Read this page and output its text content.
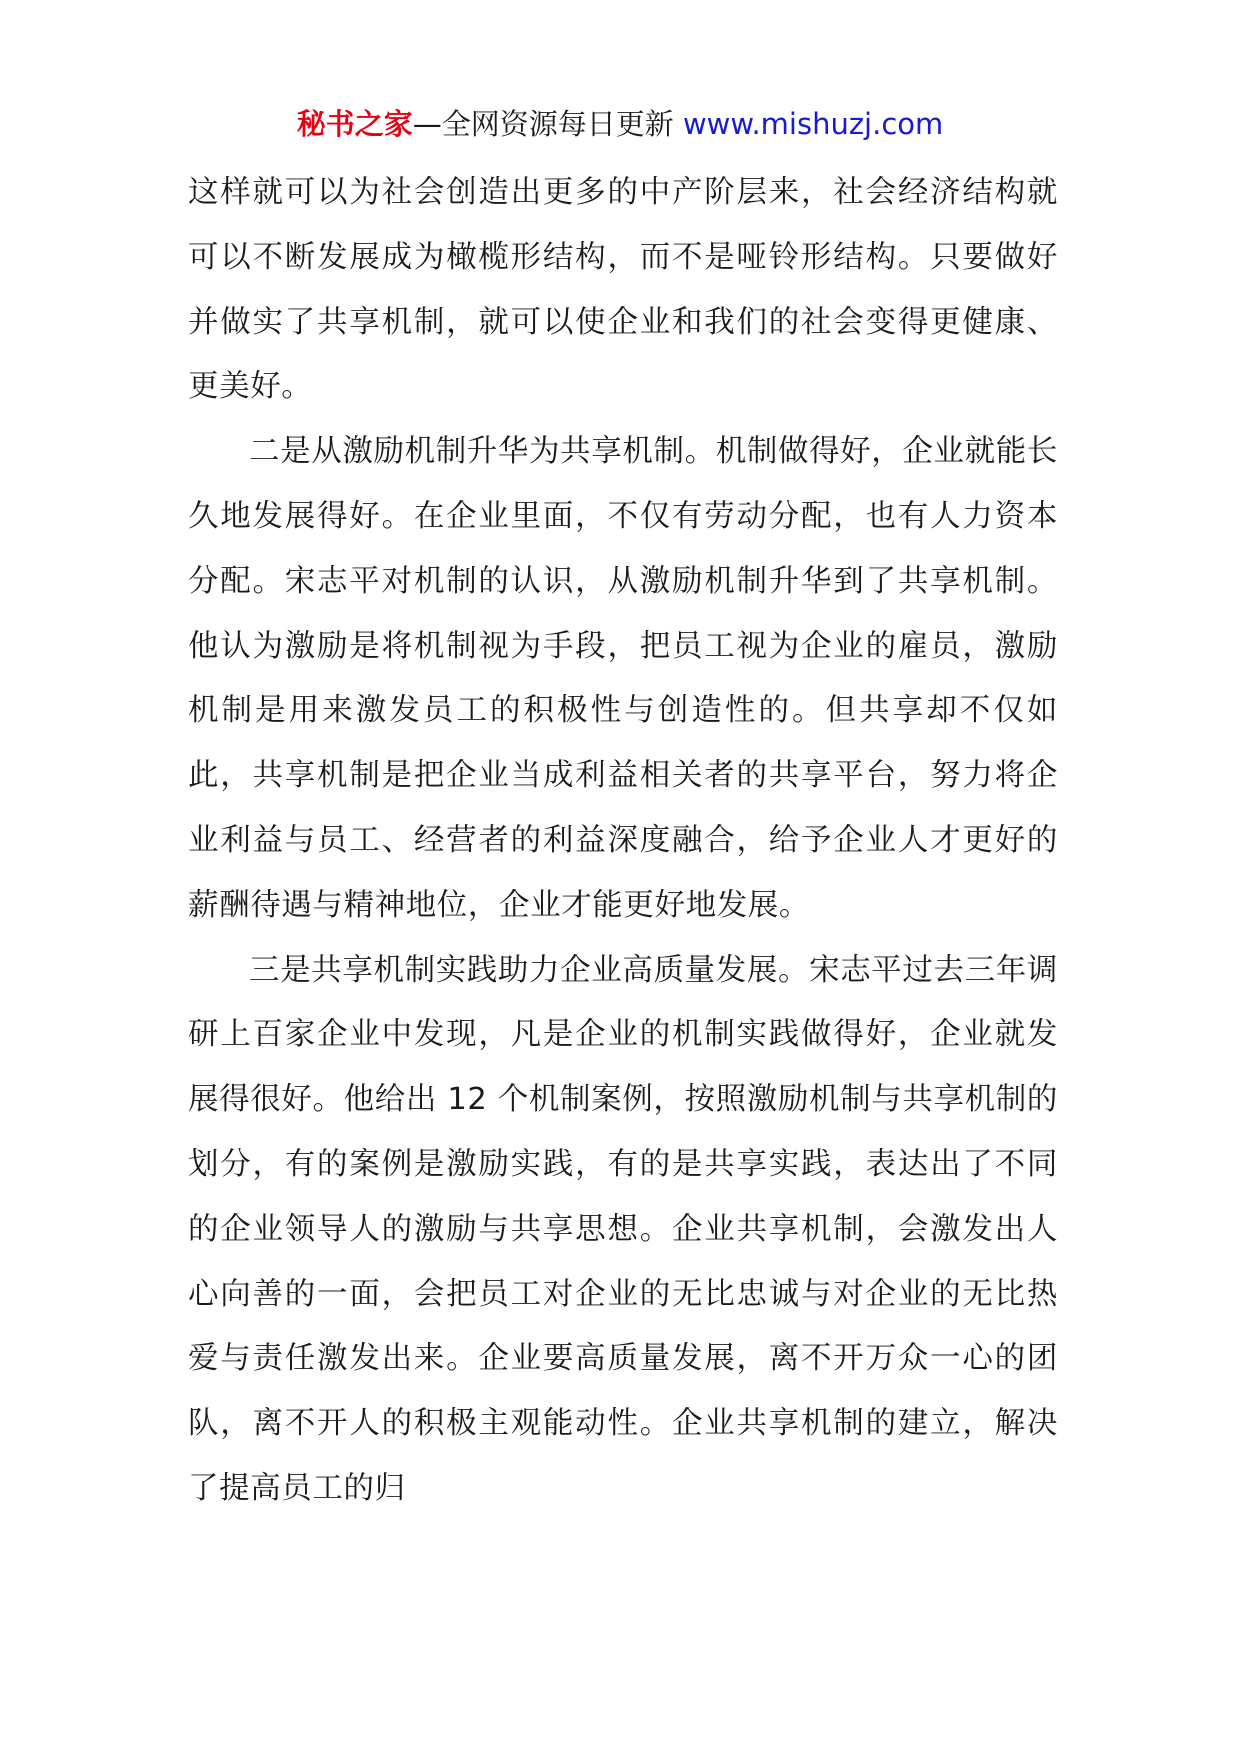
秘书之家—全网资源每日更新 www.mishuzj.com

这样就可以为社会创造出更多的中产阶层来，社会经济结构就可以不断发展成为橄榄形结构，而不是哑铃形结构。只要做好并做实了共享机制，就可以使企业和我们的社会变得更健康、更美好。

二是从激励机制升华为共享机制。机制做得好，企业就能长久地发展得好。在企业里面，不仅有劳动分配，也有人力资本分配。宋志平对机制的认识，从激励机制升华到了共享机制。他认为激励是将机制视为手段，把员工视为企业的雇员，激励机制是用来激发员工的积极性与创造性的。但共享却不仅如此，共享机制是把企业当成利益相关者的共享平台，努力将企业利益与员工、经营者的利益深度融合，给予企业人才更好的薪酬待遇与精神地位，企业才能更好地发展。

三是共享机制实践助力企业高质量发展。宋志平过去三年调研上百家企业中发现，凡是企业的机制实践做得好，企业就发展得很好。他给出 12 个机制案例，按照激励机制与共享机制的划分，有的案例是激励实践，有的是共享实践，表达出了不同的企业领导人的激励与共享思想。企业共享机制，会激发出人心向善的一面，会把员工对企业的无比忠诚与对企业的无比热爱与责任激发出来。企业要高质量发展，离不开万众一心的团队，离不开人的积极主观能动性。企业共享机制的建立，解决了提高员工的归
